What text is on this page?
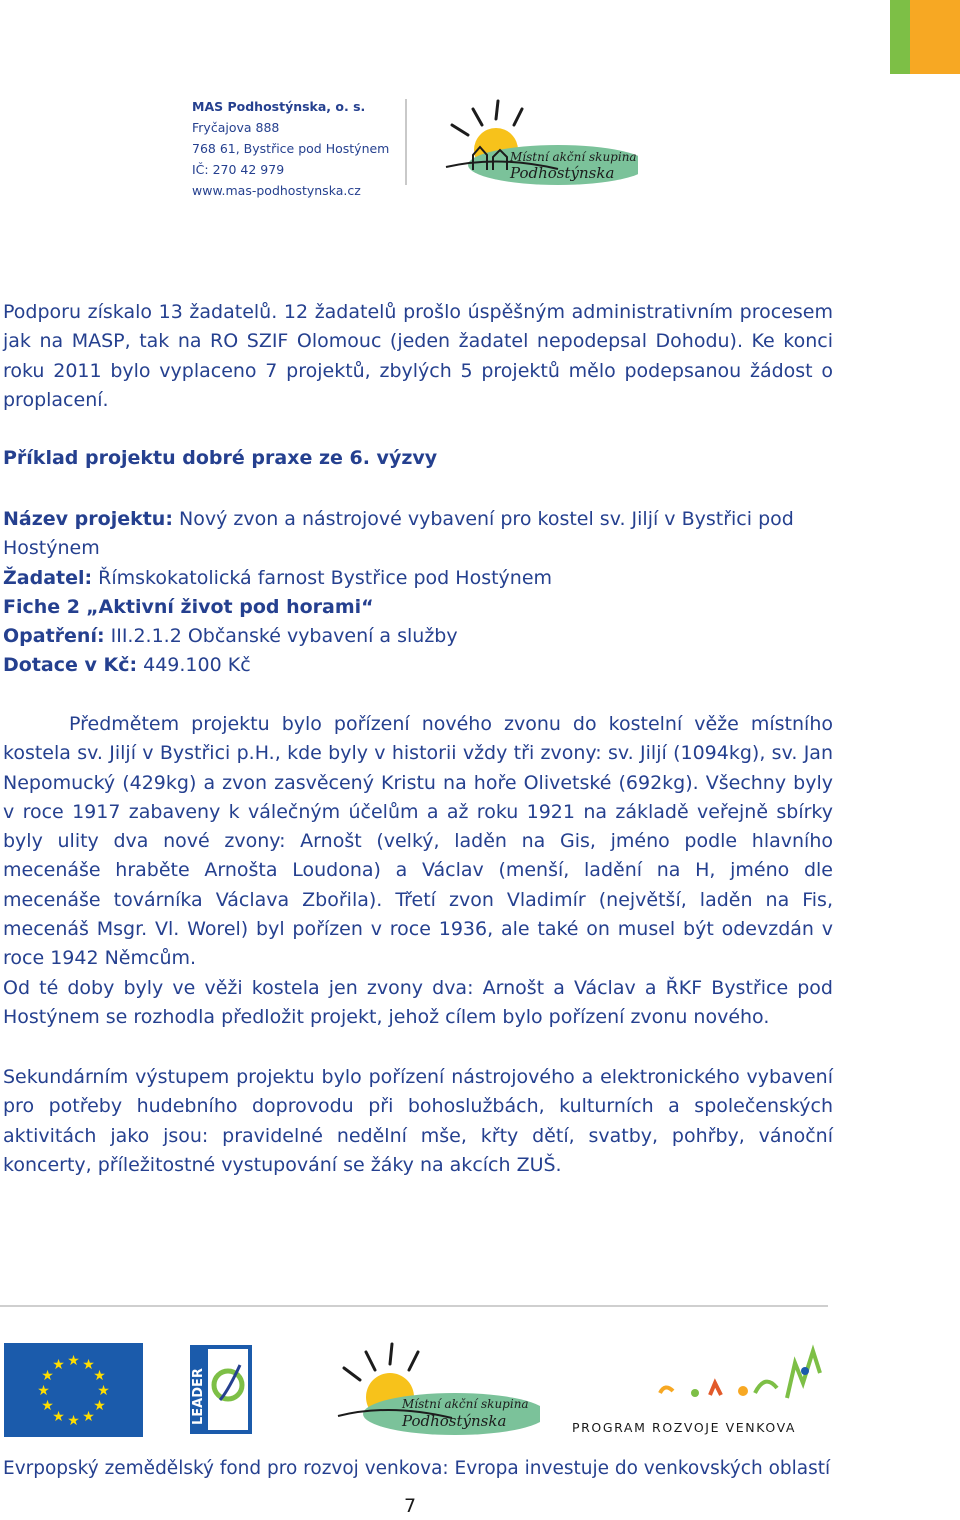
MAS Podhostýnska, o. s.
Fryčajova 888
768 61, Bystřice pod Hostýnem
IČ: 270 42 979
www.mas-podhostynska.cz
Místní akční skupina
Podhostýnska
Podporu získalo 13 žadatelů. 12 žadatelů prošlo úspěšným administrativním procesem jak na MASP, tak na RO SZIF Olomouc (jeden žadatel nepodepsal Dohodu). Ke konci roku 2011 bylo vyplaceno 7 projektů, zbylých 5 projektů mělo podepsanou žádost o proplacení.
Příklad projektu dobré praxe ze 6. výzvy
Název projektu: Nový zvon a nástrojové vybavení pro kostel sv. Jiljí v Bystřici pod
Hostýnem
Žadatel: Římskokatolická farnost Bystřice pod Hostýnem
Fiche 2 „Aktivní život pod horami“
Opatření: III.2.1.2 Občanské vybavení a služby
Dotace v Kč: 449.100 Kč
Předmětem projektu bylo pořízení nového zvonu do kostelní věže místního kostela sv. Jiljí v Bystřici p.H., kde byly v historii vždy tři zvony: sv. Jiljí (1094kg), sv. Jan Nepomucký (429kg) a zvon zasvěcený Kristu na hoře Olivetské (692kg). Všechny byly v roce 1917 zabaveny k válečným účelům a až roku 1921 na základě veřejně sbírky byly ulity dva nové zvony: Arnošt (velký, laděn na Gis, jméno podle hlavního mecenáše hraběte Arnošta Loudona) a Václav (menší, ladění na H, jméno dle mecenáše továrníka Václava Zbořila). Třetí zvon Vladimír (největší, laděn na Fis, mecenáš Msgr. Vl. Worel) byl pořízen v roce 1936, ale také on musel být odevzdán v roce 1942 Němcům.
Od té doby byly ve věži kostela jen zvony dva: Arnošt a Václav a ŘKF Bystřice pod Hostýnem se rozhodla předložit projekt, jehož cílem bylo pořízení zvonu nového.
Sekundárním výstupem projektu bylo pořízení nástrojového a elektronického vybavení pro potřeby hudebního doprovodu při bohoslužbách, kulturních a společenských aktivitách jako jsou: pravidelné nedělní mše, křty dětí, svatby, pohřby, vánoční koncerty, příležitostné vystupování se žáky na akcích ZUŠ.
★ ★
★
★
★
★
★
★
★
★
★
★
LEADER	Místní akční skupina
Podhostýnska	PROGRAM ROZVOJE VENKOVA
Evrpopský zemědělský fond pro rozvoj venkova: Evropa investuje do venkovských oblastí
7
